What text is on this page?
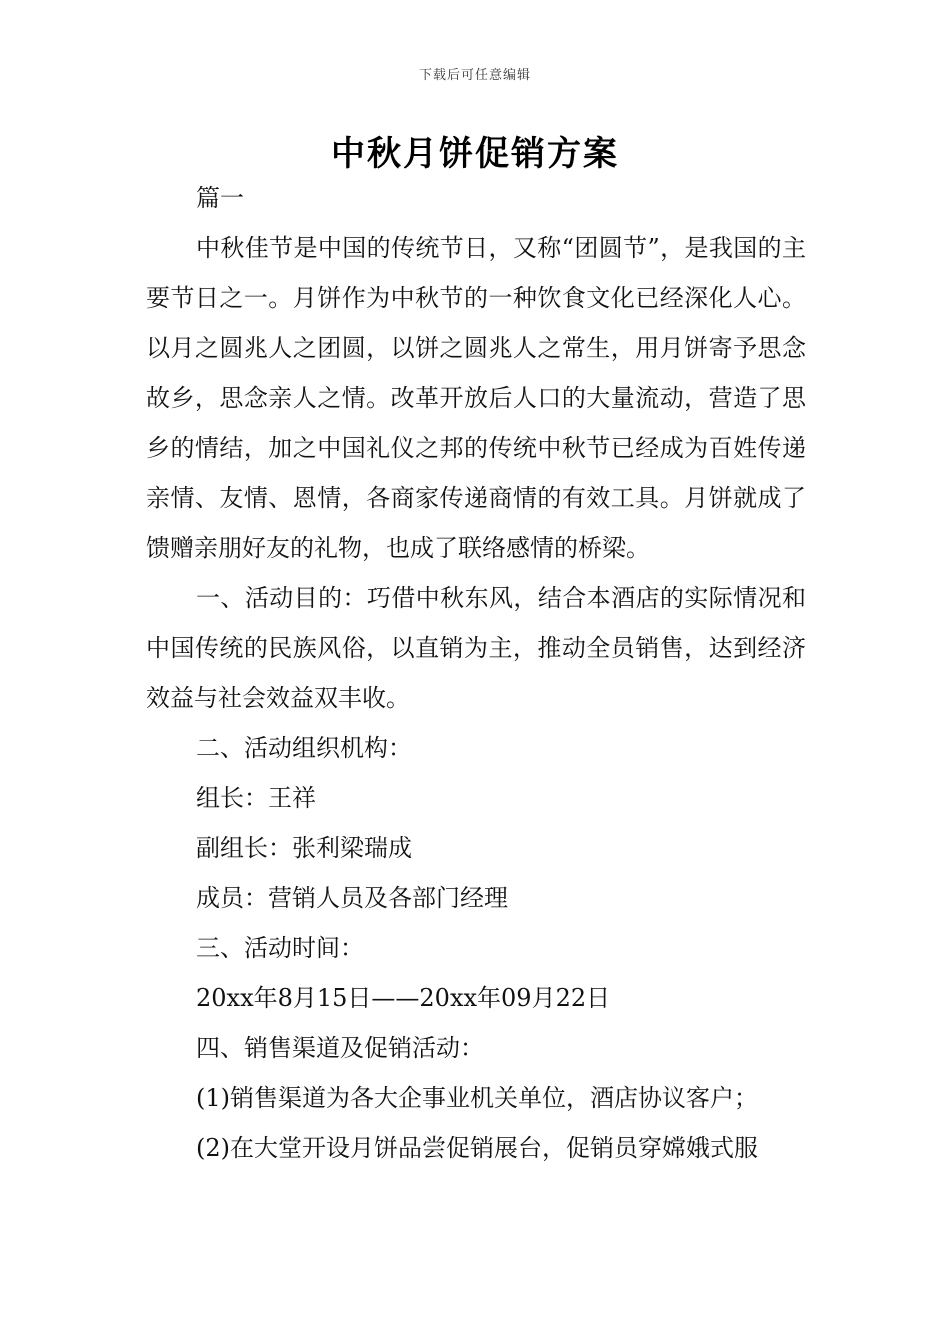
下载后可任意编辑
中秋月饼促销方案

篇一

中秋佳节是中国的传统节日，又称“团圆节”，是我国的主要节日之一。月饼作为中秋节的一种饮食文化已经深化人心。以月之圆兆人之团圆，以饼之圆兆人之常生，用月饼寄予思念故乡，思念亲人之情。改革开放后人口的大量流动，营造了思乡的情结，加之中国礼仪之邦的传统中秋节已经成为百姓传递亲情、友情、恩情，各商家传递商情的有效工具。月饼就成了馈赠亲朋好友的礼物，也成了联络感情的桥梁。

一、活动目的：巧借中秋东风，结合本酒店的实际情况和中国传统的民族风俗，以直销为主，推动全员销售，达到经济效益与社会效益双丰收。

二、活动组织机构：

组长：王祥

副组长：张利梁瑞成

成员：营销人员及各部门经理

三、活动时间：

20xx年8月15日——20xx年09月22日

四、销售渠道及促销活动：

(1)销售渠道为各大企事业机关单位，酒店协议客户；

(2)在大堂开设月饼品尝促销展台，促销员穿嫦娥式服
